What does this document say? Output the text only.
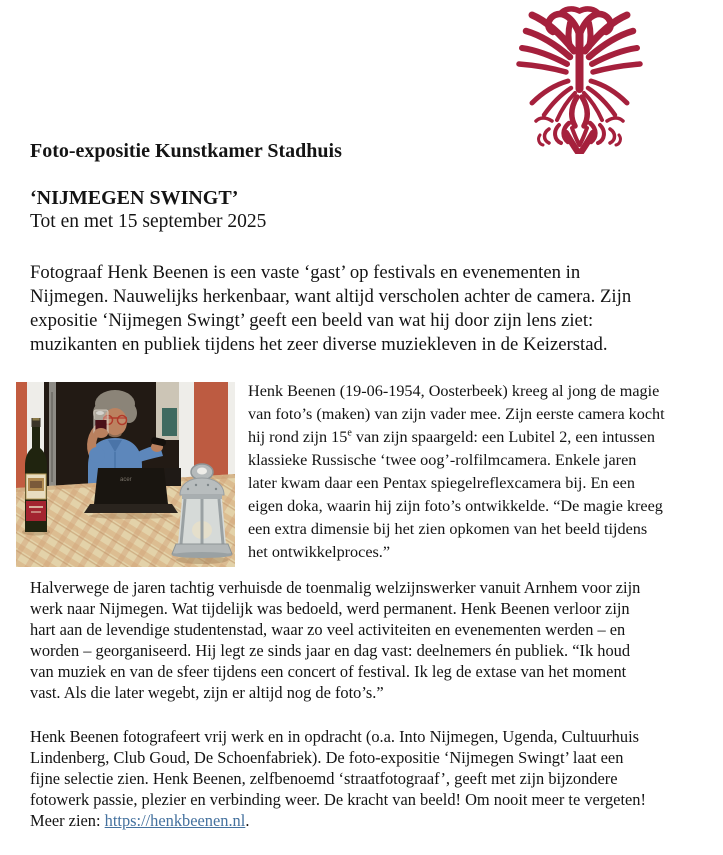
Foto-expositie Kunstkamer Stadhuis
‘NIJMEGEN SWINGT’
Tot en met 15 september 2025
Fotograaf Henk Beenen is een vaste ‘gast’ op festivals en evenementen in
Nijmegen. Nauwelijks herkenbaar, want altijd verscholen achter de camera. Zijn
expositie ‘Nijmegen Swingt’ geeft een beeld van wat hij door zijn lens ziet:
muzikanten en publiek tijdens het zeer diverse muziekleven in de Keizerstad.
acer
Henk Beenen (19-06-1954, Oosterbeek) kreeg al jong de magie
van foto’s (maken) van zijn vader mee. Zijn eerste camera kocht
hij rond zijn 15e van zijn spaargeld: een Lubitel 2, een intussen
klassieke Russische ‘twee oog’-rolfilmcamera. Enkele jaren
later kwam daar een Pentax spiegelreflexcamera bij. En een
eigen doka, waarin hij zijn foto’s ontwikkelde. “De magie kreeg
een extra dimensie bij het zien opkomen van het beeld tijdens
het ontwikkelproces.”
Halverwege de jaren tachtig verhuisde de toenmalig welzijnswerker vanuit Arnhem voor zijn
werk naar Nijmegen. Wat tijdelijk was bedoeld, werd permanent. Henk Beenen verloor zijn
hart aan de levendige studentenstad, waar zo veel activiteiten en evenementen werden – en
worden – georganiseerd. Hij legt ze sinds jaar en dag vast: deelnemers én publiek. “Ik houd
van muziek en van de sfeer tijdens een concert of festival. Ik leg de extase van het moment
vast. Als die later wegebt, zijn er altijd nog de foto’s.”
Henk Beenen fotografeert vrij werk en in opdracht (o.a. Into Nijmegen, Ugenda, Cultuurhuis
Lindenberg, Club Goud, De Schoenfabriek). De foto-expositie ‘Nijmegen Swingt’ laat een
fijne selectie zien. Henk Beenen, zelfbenoemd ‘straatfotograaf’, geeft met zijn bijzondere
fotowerk passie, plezier en verbinding weer. De kracht van beeld! Om nooit meer te vergeten!
Meer zien: https://henkbeenen.nl.
